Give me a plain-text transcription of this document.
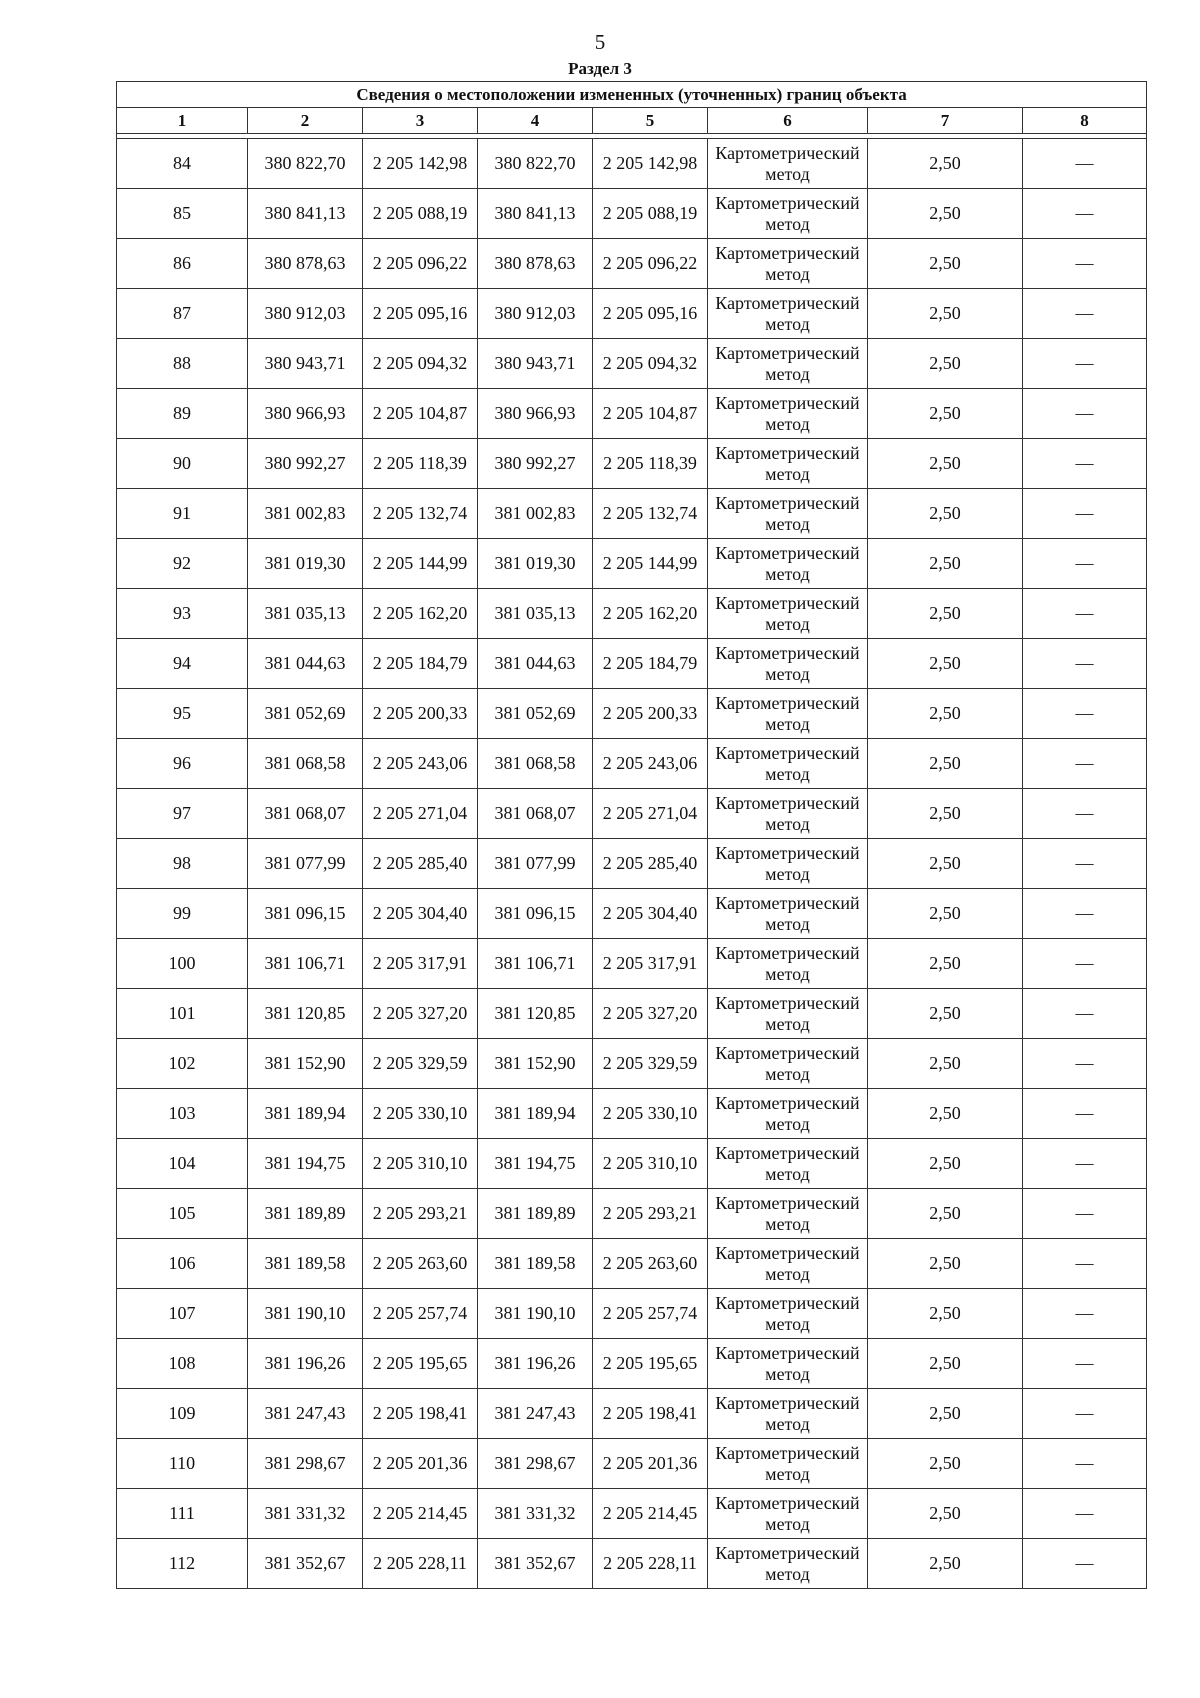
5
Раздел 3
Сведения о местоположении измененных (уточненных) границ объекта							
1	2	3	4	5	6	7	8

84	380 822,70	2 205 142,98	380 822,70	2 205 142,98	Картометрический метод	2,50	—
85	380 841,13	2 205 088,19	380 841,13	2 205 088,19	Картометрический метод	2,50	—
86	380 878,63	2 205 096,22	380 878,63	2 205 096,22	Картометрический метод	2,50	—
87	380 912,03	2 205 095,16	380 912,03	2 205 095,16	Картометрический метод	2,50	—
88	380 943,71	2 205 094,32	380 943,71	2 205 094,32	Картометрический метод	2,50	—
89	380 966,93	2 205 104,87	380 966,93	2 205 104,87	Картометрический метод	2,50	—
90	380 992,27	2 205 118,39	380 992,27	2 205 118,39	Картометрический метод	2,50	—
91	381 002,83	2 205 132,74	381 002,83	2 205 132,74	Картометрический метод	2,50	—
92	381 019,30	2 205 144,99	381 019,30	2 205 144,99	Картометрический метод	2,50	—
93	381 035,13	2 205 162,20	381 035,13	2 205 162,20	Картометрический метод	2,50	—
94	381 044,63	2 205 184,79	381 044,63	2 205 184,79	Картометрический метод	2,50	—
95	381 052,69	2 205 200,33	381 052,69	2 205 200,33	Картометрический метод	2,50	—
96	381 068,58	2 205 243,06	381 068,58	2 205 243,06	Картометрический метод	2,50	—
97	381 068,07	2 205 271,04	381 068,07	2 205 271,04	Картометрический метод	2,50	—
98	381 077,99	2 205 285,40	381 077,99	2 205 285,40	Картометрический метод	2,50	—
99	381 096,15	2 205 304,40	381 096,15	2 205 304,40	Картометрический метод	2,50	—
100	381 106,71	2 205 317,91	381 106,71	2 205 317,91	Картометрический метод	2,50	—
101	381 120,85	2 205 327,20	381 120,85	2 205 327,20	Картометрический метод	2,50	—
102	381 152,90	2 205 329,59	381 152,90	2 205 329,59	Картометрический метод	2,50	—
103	381 189,94	2 205 330,10	381 189,94	2 205 330,10	Картометрический метод	2,50	—
104	381 194,75	2 205 310,10	381 194,75	2 205 310,10	Картометрический метод	2,50	—
105	381 189,89	2 205 293,21	381 189,89	2 205 293,21	Картометрический метод	2,50	—
106	381 189,58	2 205 263,60	381 189,58	2 205 263,60	Картометрический метод	2,50	—
107	381 190,10	2 205 257,74	381 190,10	2 205 257,74	Картометрический метод	2,50	—
108	381 196,26	2 205 195,65	381 196,26	2 205 195,65	Картометрический метод	2,50	—
109	381 247,43	2 205 198,41	381 247,43	2 205 198,41	Картометрический метод	2,50	—
110	381 298,67	2 205 201,36	381 298,67	2 205 201,36	Картометрический метод	2,50	—
111	381 331,32	2 205 214,45	381 331,32	2 205 214,45	Картометрический метод	2,50	—
112	381 352,67	2 205 228,11	381 352,67	2 205 228,11	Картометрический метод	2,50	—
